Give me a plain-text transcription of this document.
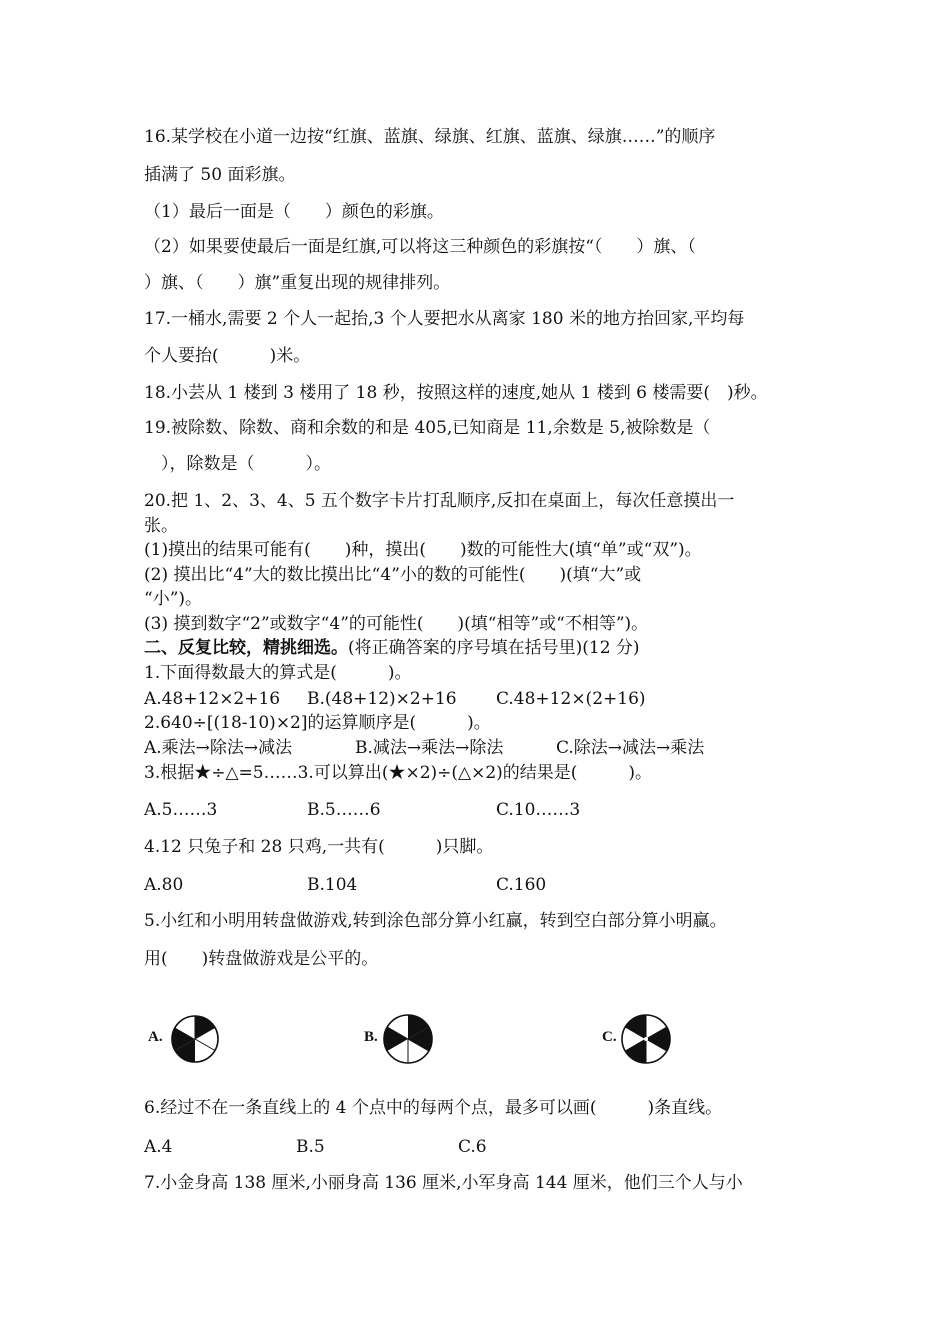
16.某学校在小道一边按“红旗、蓝旗、绿旗、红旗、蓝旗、绿旗……”的顺序
插满了 50 面彩旗。
（1）最后一面是（　　）颜色的彩旗。
（2）如果要使最后一面是红旗,可以将这三种颜色的彩旗按“（　　）旗、（
）旗、（　　）旗”重复出现的规律排列。
17.一桶水,需要 2 个人一起抬,3 个人要把水从离家 180 米的地方抬回家,平均每
个人要抬(　　　)米。
18.小芸从 1 楼到 3 楼用了 18 秒，按照这样的速度,她从 1 楼到 6 楼需要(　)秒。
19.被除数、除数、商和余数的和是 405,已知商是 11,余数是 5,被除数是（
　），除数是（　　　）。
20.把 1、2、3、4、5 五个数字卡片打乱顺序,反扣在桌面上，每次任意摸出一
张。
(1)摸出的结果可能有(　　)种，摸出(　　)数的可能性大(填“单”或“双”)。
(2) 摸出比“4”大的数比摸出比“4”小的数的可能性(　　)(填“大”或
“小”)。
(3) 摸到数字“2”或数字“4”的可能性(　　)(填“相等”或“不相等”)。
二、反复比较，精挑细选。(将正确答案的序号填在括号里)(12 分)
1.下面得数最大的算式是(　　　)。
A.48+12×2+16 B.(48+12)×2+16 C.48+12×(2+16)
2.640÷[(18-10)×2]的运算顺序是(　　　)。
A.乘法→除法→减法	B.减法→乘法→除法	C.除法→减法→乘法
3.根据★÷△=5……3.可以算出(★×2)÷(△×2)的结果是(　　　)。
A.5……3	B.5……6	C.10……3
4.12 只兔子和 28 只鸡,一共有(　　　)只脚。
A.80	B.104	C.160
5.小红和小明用转盘做游戏,转到涂色部分算小红赢，转到空白部分算小明赢。
用(　　)转盘做游戏是公平的。
A.	B.	C.
6.经过不在一条直线上的 4 个点中的每两个点，最多可以画(　　　)条直线。
A.4	B.5	C.6
7.小金身高 138 厘米,小丽身高 136 厘米,小军身高 144 厘米，他们三个人与小
